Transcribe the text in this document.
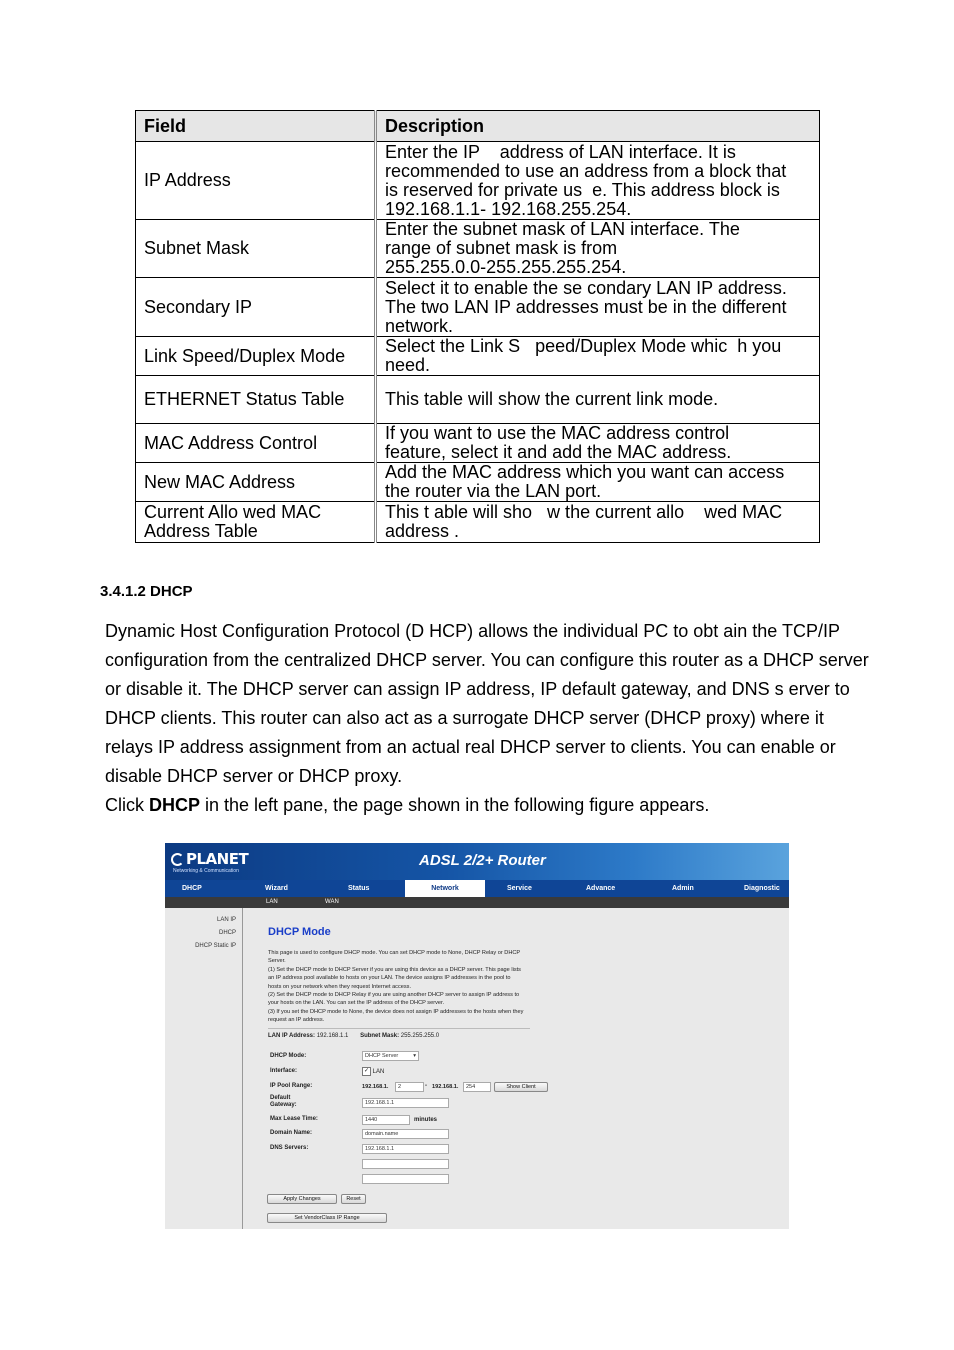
Field	Description
IP Address	Enter the IP    address of LAN interface. It is
recommended to use an address from a block that
is reserved for private us  e. This address block is
192.168.1.1- 192.168.255.254.

Subnet Mask	Enter the subnet mask of LAN interface. The
range of subnet mask is from
255.255.0.0-255.255.255.254.

Secondary IP	Select it to enable the se condary LAN IP address.
The two LAN IP addresses must be in the different
network.

Link Speed/Duplex Mode	Select the Link S   peed/Duplex Mode whic  h you
need.

ETHERNET Status Table	This table will show the current link mode.

MAC Address Control	If you want to use the MAC address control
feature, select it and add the MAC address.

New MAC Address	Add the MAC address which you want can access
the router via the LAN port.

Current Allo wed MAC Address Table	This t able will sho   w the current allo    wed MAC
address .
3.4.1.2 DHCP

Dynamic Host Configuration Protocol (D HCP) allows the individual PC to obt ain the TCP/IP configuration from the centralized DHCP server. You can configure this router as a DHCP server or disable it. The DHCP server can assign IP address, IP default gateway, and DNS s erver to DHCP clients. This router can also act as a surrogate DHCP server (DHCP proxy) where it relays IP address assignment from an actual real DHCP server to clients. You can enable or disable DHCP server or DHCP proxy.

Click DHCP in the left pane, the page shown in the following figure appears.

PLANET
Networking & Communication
ADSL 2/2+ Router
DHCP	Wizard	Status	Network	Service	Advance	Admin	Diagnostic
LAN	WAN
LAN IP
DHCP
DHCP Static IP
DHCP Mode
This page is used to configure DHCP mode. You can set DHCP mode to None, DHCP Relay or DHCP
Server.
(1) Set the DHCP mode to DHCP Server if you are using this device as a DHCP server. This page lists
an IP address pool available to hosts on your LAN. The device assigns IP addresses in the pool to
hosts on your network when they request Internet access.
(2) Set the DHCP mode to DHCP Relay if you are using another DHCP server to assign IP address to
your hosts on the LAN. You can set the IP address of the DHCP server.
(3) If you set the DHCP mode to None, the device does not assign IP addresses to the hosts when they
request an IP address.
LAN IP Address: 192.168.1.1 Subnet Mask: 255.255.255.0
DHCP Mode:	DHCP Server	▾
Interface:	✓ LAN
IP Pool Range:	192.168.1.	2	- 192.168.1.	254	Show Client
Default
Gateway:	192.168.1.1
Max Lease Time:	1440	minutes
Domain Name:	domain.name
DNS Servers:	192.168.1.1
Apply Changes	Reset
Set VendorClass IP Range
